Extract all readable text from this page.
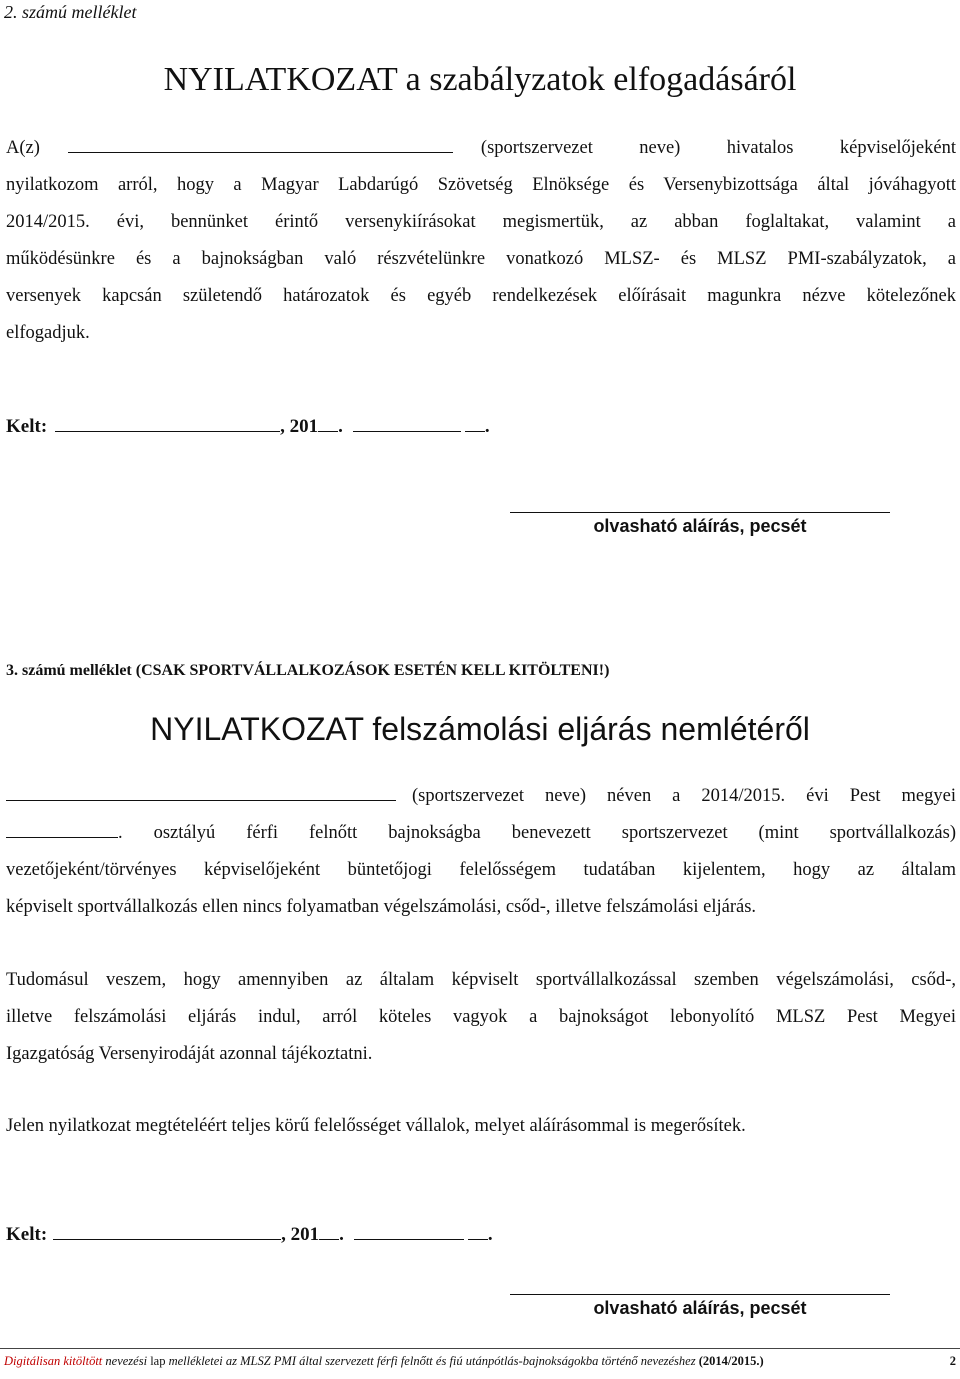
2. számú melléklet
NYILATKOZAT a szabályzatok elfogadásáról
A(z)	(sportszervezet neve) hivatalos képviselőjeként
nyilatkozom arról, hogy a Magyar Labdarúgó Szövetség Elnöksége és Versenybizottsága által jóváhagyott
2014/2015. évi, bennünket érintő versenykiírásokat megismertük, az abban foglaltakat, valamint a
működésünkre és a bajnokságban való részvételünkre vonatkozó MLSZ- és MLSZ PMI-szabályzatok, a
versenyek kapcsán születendő határozatok és egyéb rendelkezések előírásait magunkra nézve kötelezőnek
elfogadjuk.
Kelt:	, 201 .	.
olvasható aláírás, pecsét
3. számú melléklet (CSAK SPORTVÁLLALKOZÁSOK ESETÉN KELL KITÖLTENI!)
NYILATKOZAT felszámolási eljárás nemlétéről
(sportszervezet neve) néven a 2014/2015. évi Pest megyei
. osztályú férfi felnőtt bajnokságba benevezett sportszervezet (mint sportvállalkozás)
vezetőjeként/törvényes képviselőjeként büntetőjogi felelősségem tudatában kijelentem, hogy az általam
képviselt sportvállalkozás ellen nincs folyamatban végelszámolási, csőd-, illetve felszámolási eljárás.
Tudomásul veszem, hogy amennyiben az általam képviselt sportvállalkozással szemben végelszámolási, csőd-,
illetve felszámolási eljárás indul, arról köteles vagyok a bajnokságot lebonyolító MLSZ Pest Megyei
Igazgatóság Versenyirodáját azonnal tájékoztatni.
Jelen nyilatkozat megtételéért teljes körű felelősséget vállalok, melyet aláírásommal is megerősítek.
Kelt:	, 201 .	.
olvasható aláírás, pecsét
Digitálisan kitöltött nevezési lap mellékletei az MLSZ PMI által szervezett férfi felnőtt és fiú utánpótlás-bajnokságokba történő nevezéshez (2014/2015.)	2
